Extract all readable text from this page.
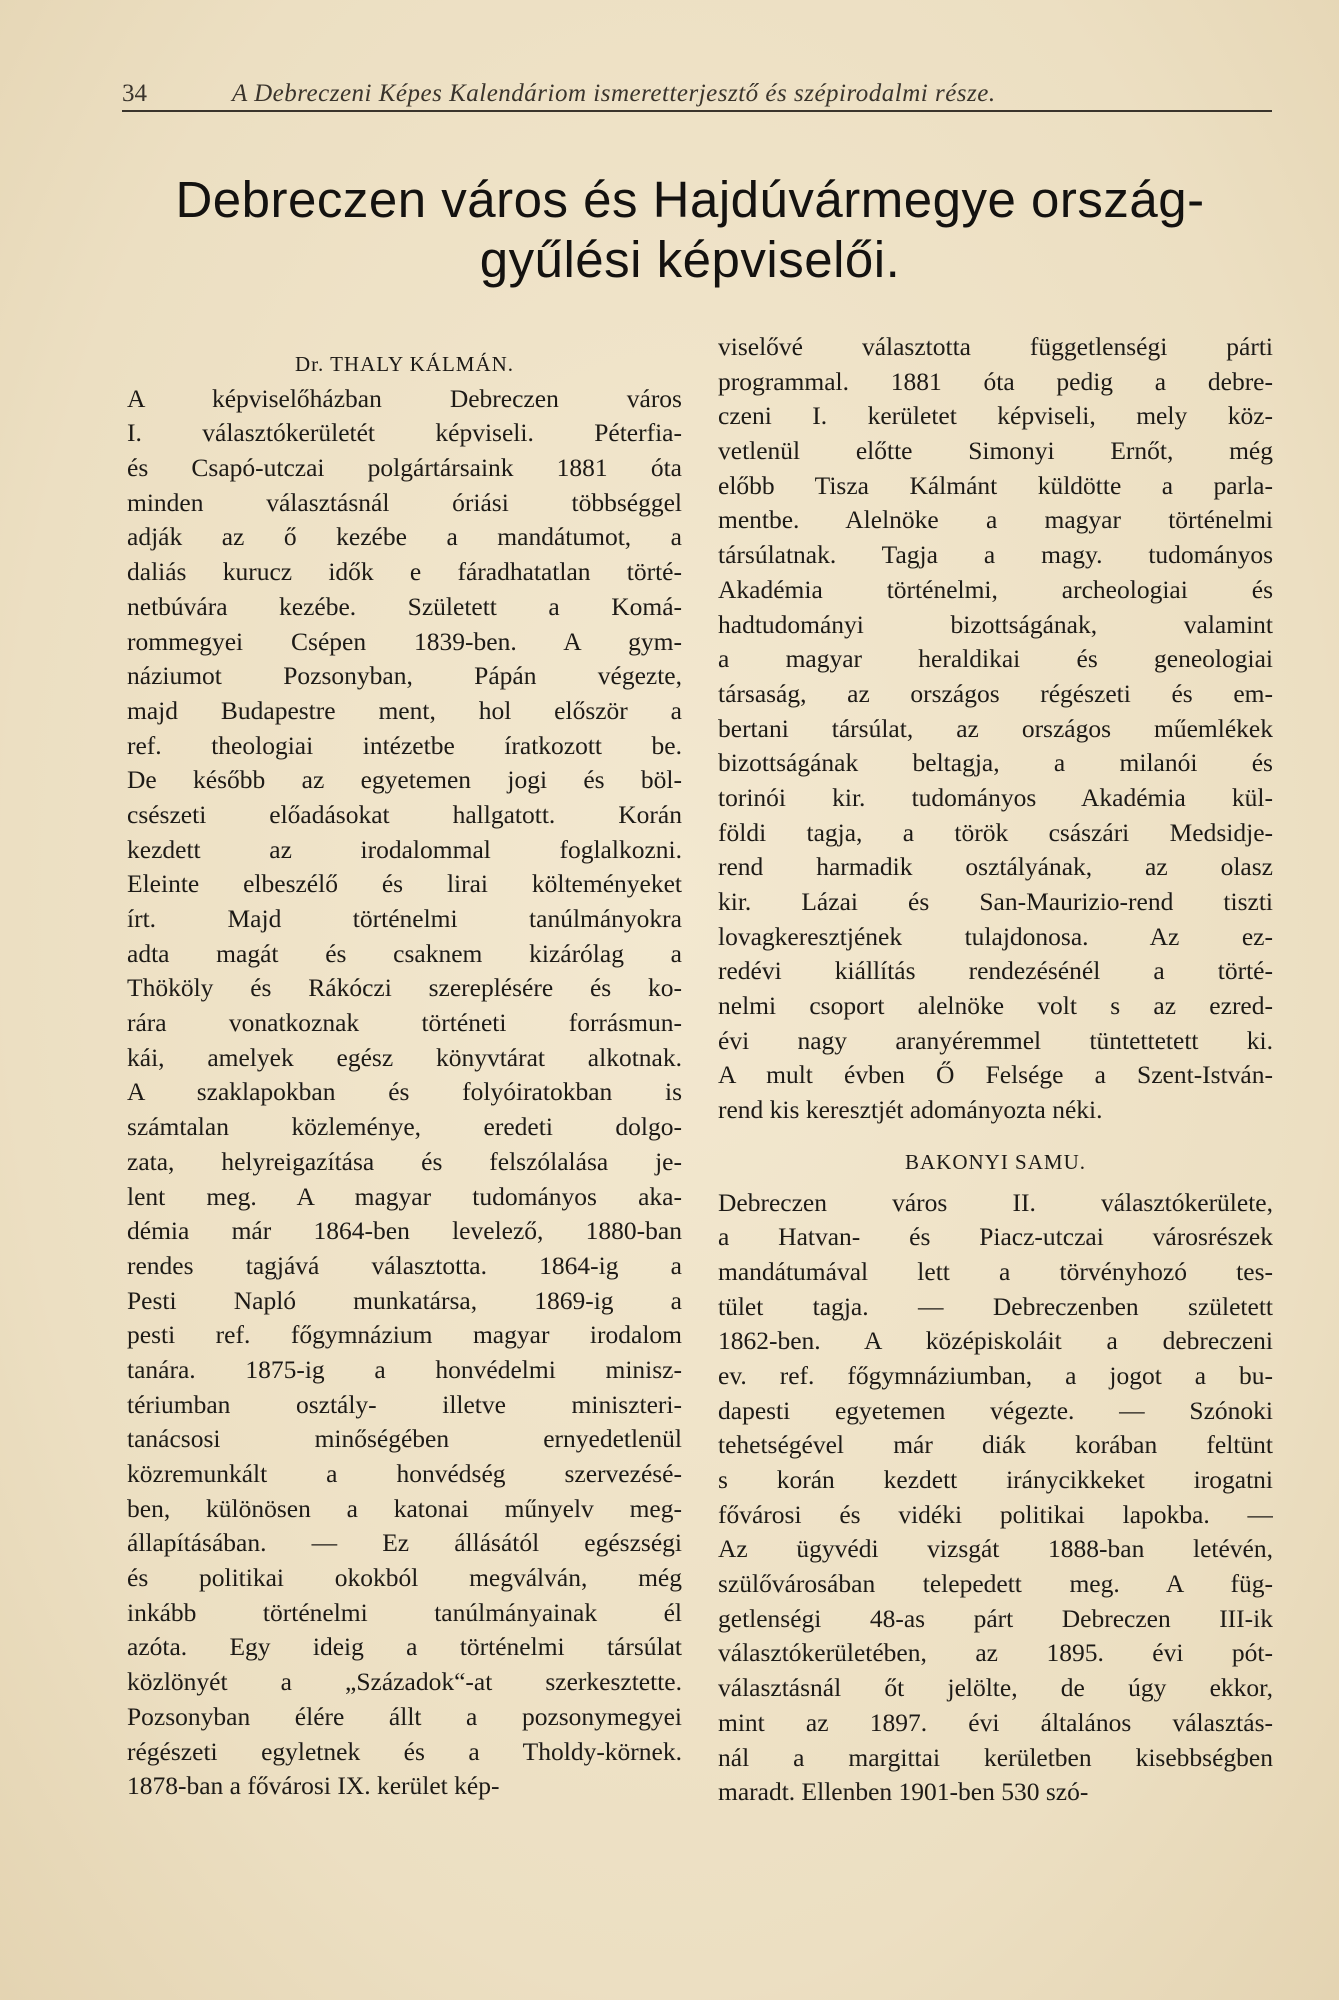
34	A Debreczeni Képes Kalendáriom ismeretterjesztő és szépirodalmi része.
Debreczen város és Hajdúvármegye ország-
gyűlési képviselői.
Dr. THALY KÁLMÁN.
A képviselőházban Debreczen város
I. választókerületét képviseli. Péterfia-
és Csapó-utczai polgártársaink 1881 óta
minden választásnál óriási többséggel
adják az ő kezébe a mandátumot, a
daliás kurucz idők e fáradhatatlan törté-
netbúvára kezébe. Született a Komá-
rommegyei Csépen 1839-ben. A gym-
náziumot Pozsonyban, Pápán végezte,
majd Budapestre ment, hol először a
ref. theologiai intézetbe íratkozott be.
De később az egyetemen jogi és böl-
csészeti előadásokat hallgatott. Korán
kezdett az irodalommal foglalkozni.
Eleinte elbeszélő és lirai költeményeket
írt. Majd történelmi tanúlmányokra
adta magát és csaknem kizárólag a
Thököly és Rákóczi szereplésére és ko-
rára vonatkoznak történeti forrásmun-
kái, amelyek egész könyvtárat alkotnak.
A szaklapokban és folyóiratokban is
számtalan közleménye, eredeti dolgo-
zata, helyreigazítása és felszólalása je-
lent meg. A magyar tudományos aka-
démia már 1864-ben levelező, 1880-ban
rendes tagjává választotta. 1864-ig a
Pesti Napló munkatársa, 1869-ig a
pesti ref. főgymnázium magyar irodalom
tanára. 1875-ig a honvédelmi minisz-
tériumban osztály- illetve miniszteri-
tanácsosi minőségében ernyedetlenül
közremunkált a honvédség szervezésé-
ben, különösen a katonai műnyelv meg-
állapításában. — Ez állásától egészségi
és politikai okokból megválván, még
inkább történelmi tanúlmányainak él
azóta. Egy ideig a történelmi társúlat
közlönyét a „Századok“-at szerkesztette.
Pozsonyban élére állt a pozsonymegyei
régészeti egyletnek és a Tholdy-körnek.
1878-ban a fővárosi IX. kerület kép-
viselővé választotta függetlenségi párti
programmal. 1881 óta pedig a debre-
czeni I. kerületet képviseli, mely köz-
vetlenül előtte Simonyi Ernőt, még
előbb Tisza Kálmánt küldötte a parla-
mentbe. Alelnöke a magyar történelmi
társúlatnak. Tagja a magy. tudományos
Akadémia történelmi, archeologiai és
hadtudományi bizottságának, valamint
a magyar heraldikai és geneologiai
társaság, az országos régészeti és em-
bertani társúlat, az országos műemlékek
bizottságának beltagja, a milanói és
torinói kir. tudományos Akadémia kül-
földi tagja, a török császári Medsidje-
rend harmadik osztályának, az olasz
kir. Lázai és San-Maurizio-rend tiszti
lovagkeresztjének tulajdonosa. Az ez-
redévi kiállítás rendezésénél a törté-
nelmi csoport alelnöke volt s az ezred-
évi nagy aranyéremmel tüntettetett ki.
A mult évben Ő Felsége a Szent-István-
rend kis keresztjét adományozta néki.
BAKONYI SAMU.
Debreczen város II. választókerülete,
a Hatvan- és Piacz-utczai városrészek
mandátumával lett a törvényhozó tes-
tület tagja. — Debreczenben született
1862-ben. A középiskoláit a debreczeni
ev. ref. főgymnáziumban, a jogot a bu-
dapesti egyetemen végezte. — Szónoki
tehetségével már diák korában feltünt
s korán kezdett iránycikkeket irogatni
fővárosi és vidéki politikai lapokba. —
Az ügyvédi vizsgát 1888-ban letévén,
szülővárosában telepedett meg. A füg-
getlenségi 48-as párt Debreczen III-ik
választókerületében, az 1895. évi pót-
választásnál őt jelölte, de úgy ekkor,
mint az 1897. évi általános választás-
nál a margittai kerületben kisebbségben
maradt. Ellenben 1901-ben 530 szó-
